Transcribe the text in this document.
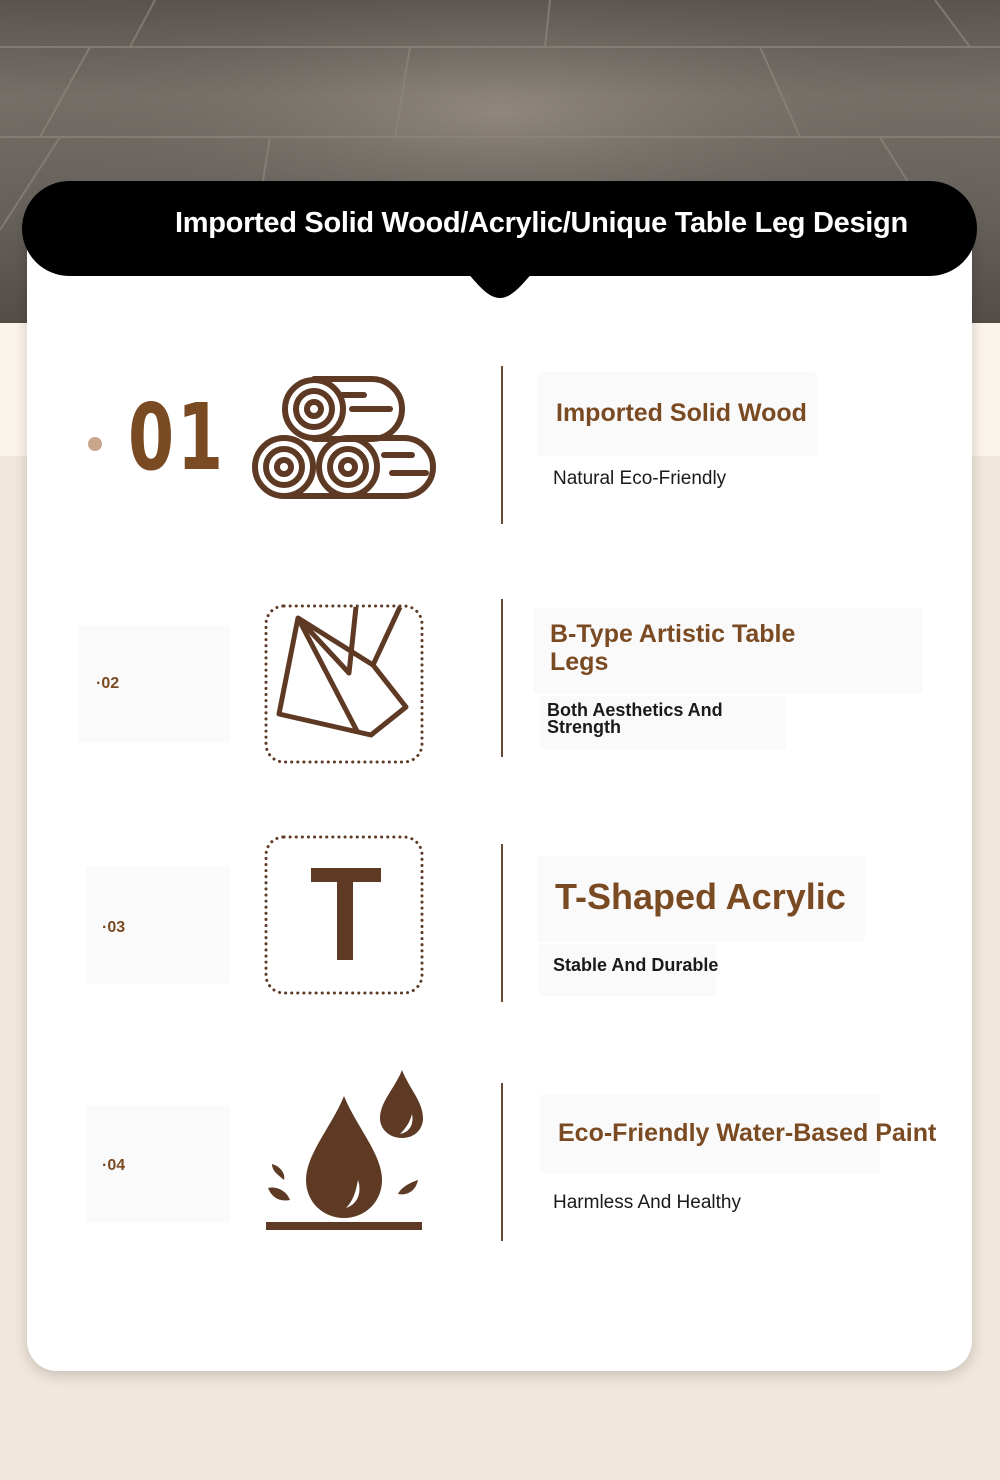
Imported Solid Wood/Acrylic/Unique Table Leg Design
01	Imported Solid Wood
Natural Eco-Friendly
·02
B-Type Artistic Table Legs
Both Aesthetics And Strength
·03
T-Shaped Acrylic
Stable And Durable
·04
Eco-Friendly Water-Based Paint
Harmless And Healthy
